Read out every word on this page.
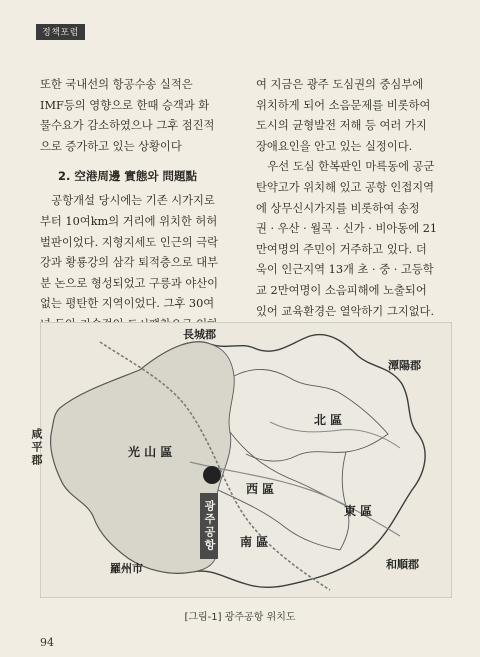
정책포럼

또한 국내선의 항공수송 실적은
IMF등의 영향으로 한때 승객과 화
물수요가 감소하였으나 그후 점진적
으로 증가하고 있는 상황이다

2. 空港周邊 實態와 問題點

공항개설 당시에는 기존 시가지로
부터 10여km의 거리에 위치한 허허
벌판이었다. 지형지세도 인근의 극락
강과 황룡강의 삼각 퇴적층으로 대부
분 논으로 형성되었고 구릉과 야산이
없는 평탄한 지역이었다. 그후 30여

여 지금은 광주 도심권의 중심부에
위치하게 되어 소음문제를 비롯하여
도시의 균형발전 저해 등 여러 가지
장애요인을 안고 있는 실정이다.

우선 도심 한복판인 마륵동에 공군
탄약고가 위치해 있고 공항 인접지역
에 상무신시가지를 비롯하여 송정
권 · 우산 · 월곡 · 신가 · 비아동에 21
만여명의 주민이 거주하고 있다. 더
욱이 인근지역 13개 초 · 중 · 고등학
교 2만여명이 소음피해에 노출되어
있어 교육환경은 열악하기 그지없다.

長城郡
潭陽郡
咸平郡	光 山 區
北 區
西 區
東 區
南 區
羅州市	和順郡
광주공항
[그림-1] 광주공항 위치도
94
